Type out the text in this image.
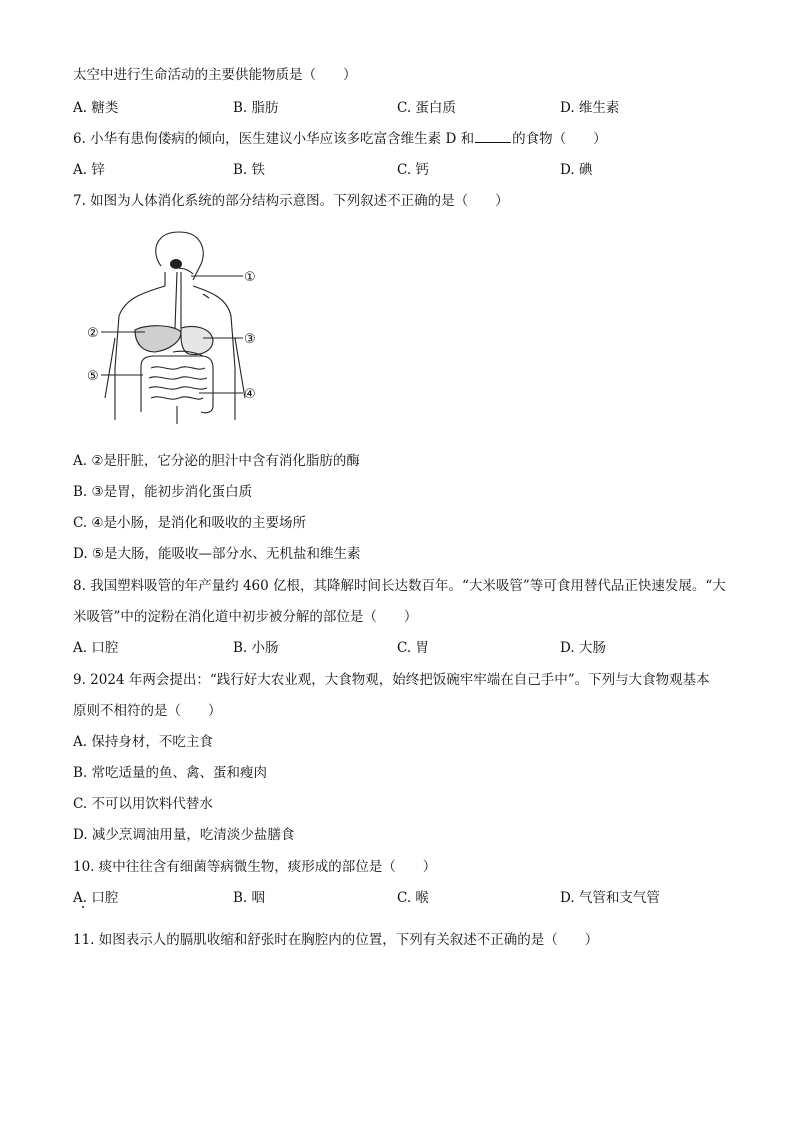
太空中进行生命活动的主要供能物质是（　　）
A. 糖类	B. 脂肪	C. 蛋白质	D. 维生素
6. 小华有患佝偻病的倾向，医生建议小华应该多吃富含维生素 D 和	的食物（　　）
A. 锌	B. 铁	C. 钙	D. 碘
7. 如图为人体消化系统的部分结构示意图。下列叙述不正确的是（　　）
①
②	③
④
⑤
A. ②是肝脏，它分泌的胆汁中含有消化脂肪的酶
B. ③是胃，能初步消化蛋白质
C. ④是小肠，是消化和吸收的主要场所
D. ⑤是大肠，能吸收—部分水、无机盐和维生素
8. 我国塑料吸管的年产量约 460 亿根，其降解时间长达数百年。“大米吸管”等可食用替代品正快速发展。“大
米吸管”中的淀粉在消化道中初步被分解的部位是（　　）
A. 口腔	B. 小肠	C. 胃	D. 大肠
9. 2024 年两会提出：“践行好大农业观，大食物观，始终把饭碗牢牢端在自己手中”。下列与大食物观基本
原则不相符的是（　　）
A. 保持身材，不吃主食
B. 常吃适量的鱼、禽、蛋和瘦肉
C. 不可以用饮料代替水
D. 减少烹调油用量，吃清淡少盐膳食
10. 痰中往往含有细菌等病微生物，痰形成的部位是（　　）
A. 口腔	B. 咽	C. 喉	D. 气管和支气管
11. 如图表示人的膈肌收缩和舒张时在胸腔内的位置，下列有关叙述不正确的是（　　）
